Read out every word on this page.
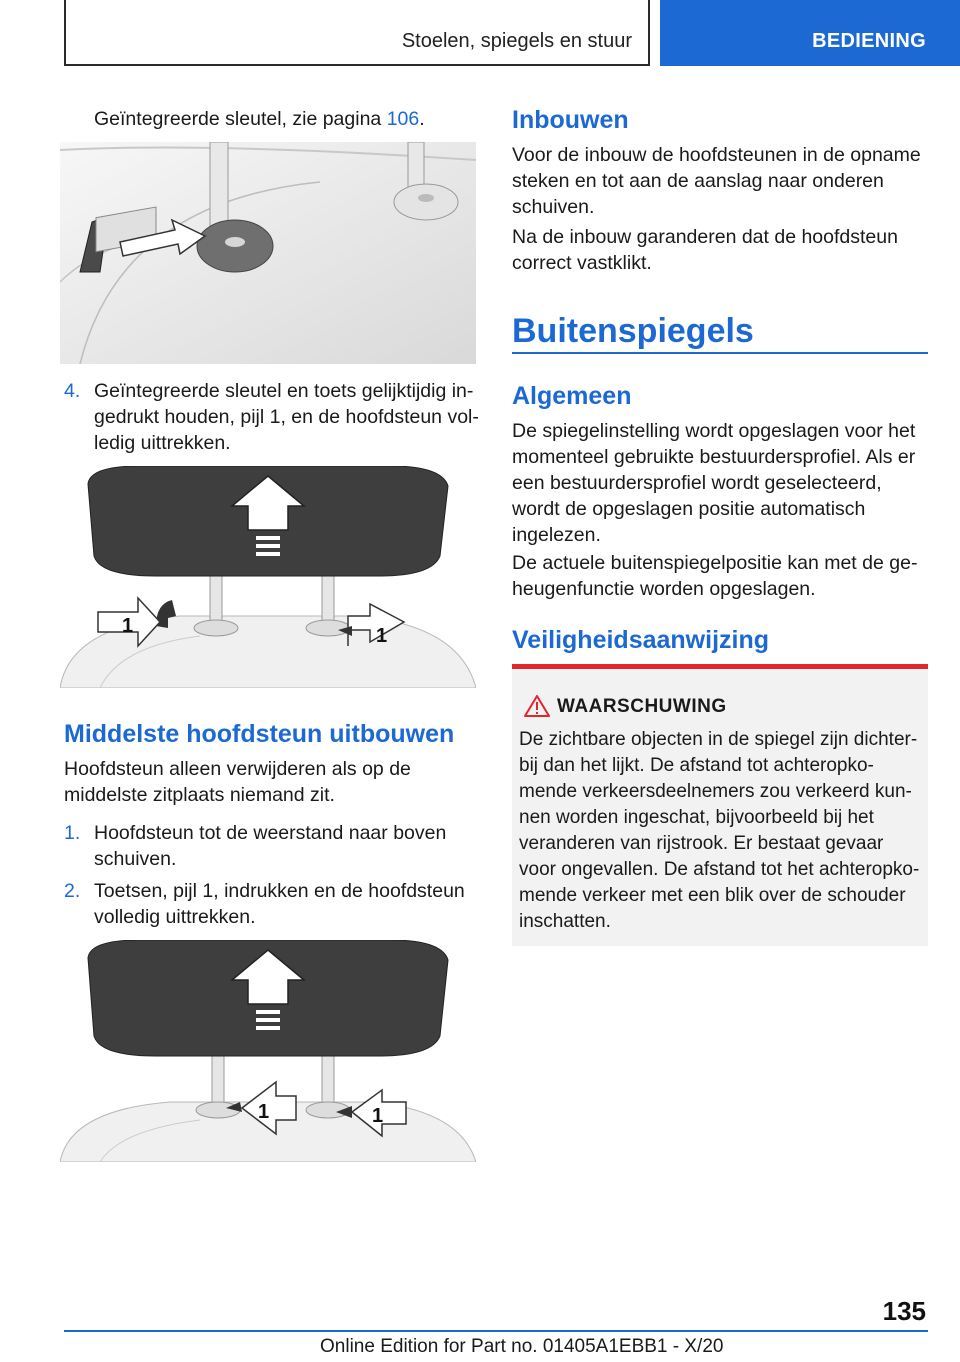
Stoelen, spiegels en stuur	BEDIENING

Geïntegreerde sleutel, zie pagina 106.

4. Geïntegreerde sleutel en toets gelijktijdig ingedrukt houden, pijl 1, en de hoofdsteun volledig uittrekken.
1	1
Middelste hoofdsteun uitbouwen

Hoofdsteun alleen verwijderen als op de middelste zitplaats niemand zit.

1. Hoofdsteun tot de weerstand naar boven schuiven.
2. Toetsen, pijl 1, indrukken en de hoofdsteun volledig uittrekken.
1	1
Inbouwen

Voor de inbouw de hoofdsteunen in de opname steken en tot aan de aanslag naar onderen schuiven.

Na de inbouw garanderen dat de hoofdsteun correct vastklikt.

Buitenspiegels
Algemeen

De spiegelinstelling wordt opgeslagen voor het momenteel gebruikte bestuurdersprofiel. Als er een bestuurdersprofiel wordt geselecteerd, wordt de opgeslagen positie automatisch ingelezen.

De actuele buitenspiegelpositie kan met de geheugenfunctie worden opgeslagen.

Veiligheidsaanwijzing
WAARSCHUWING

De zichtbare objecten in de spiegel zijn dichterbij dan het lijkt. De afstand tot achteropkomende verkeersdeelnemers zou verkeerd kunnen worden ingeschat, bijvoorbeeld bij het veranderen van rijstrook. Er bestaat gevaar voor ongevallen. De afstand tot het achteropkomende verkeer met een blik over de schouder inschatten.

135
Online Edition for Part no. 01405A1EBB1 - X/20
